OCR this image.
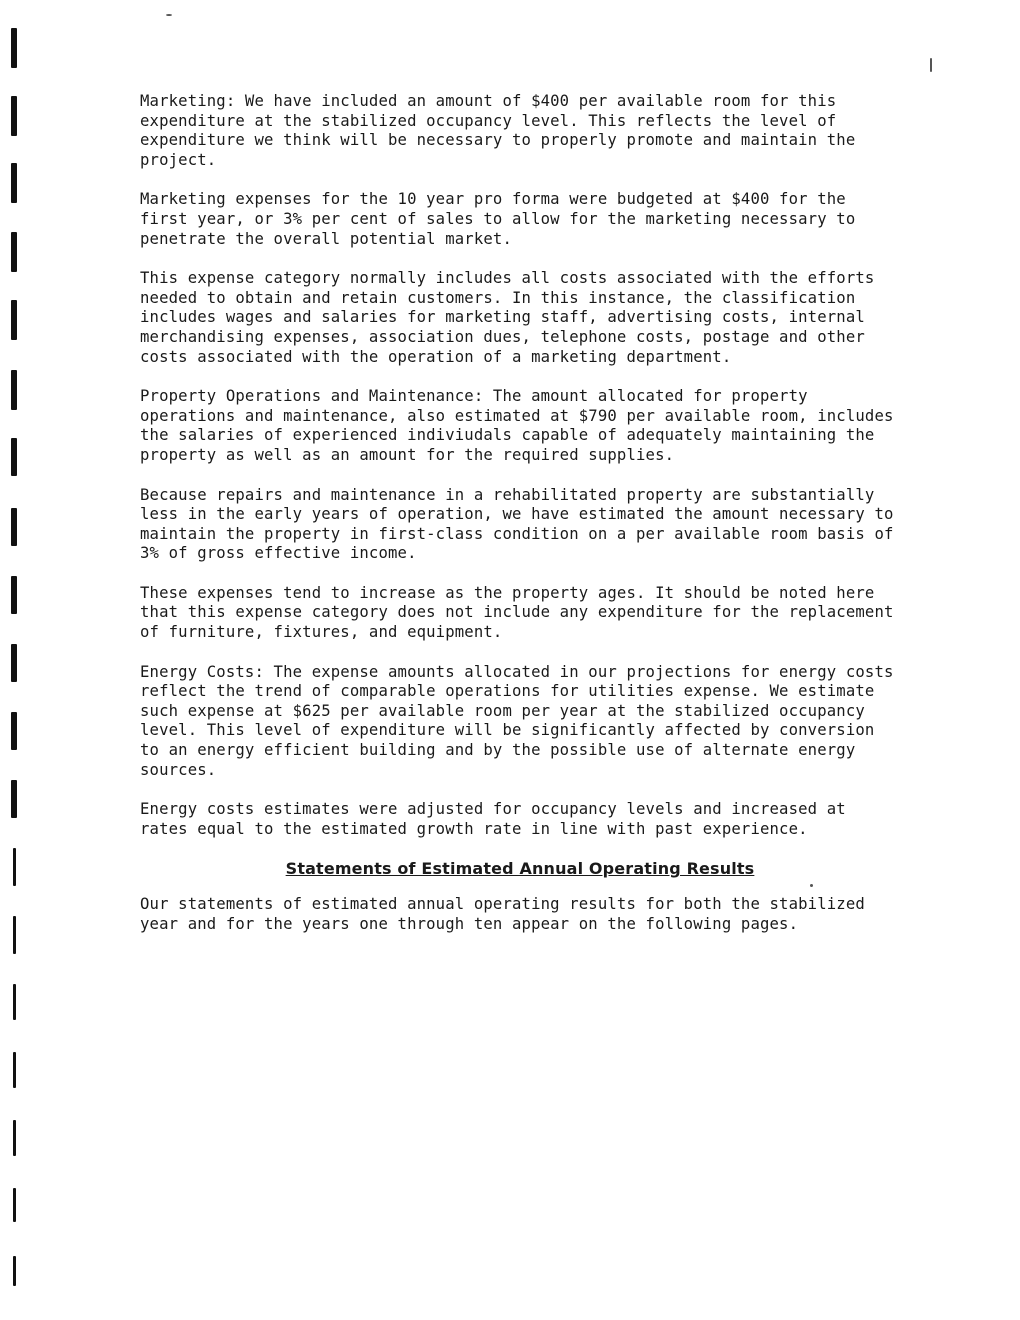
Marketing: We have included an amount of $400 per available room for this expenditure at the stabilized occupancy level. This reflects the level of expenditure we think will be necessary to properly promote and maintain the project.

Marketing expenses for the 10 year pro forma were budgeted at $400 for the first year, or 3% per cent of sales to allow for the marketing necessary to penetrate the overall potential market.

This expense category normally includes all costs associated with the efforts needed to obtain and retain customers. In this instance, the classification includes wages and salaries for marketing staff, advertising costs, internal merchandising expenses, association dues, telephone costs, postage and other costs associated with the operation of a marketing department.

Property Operations and Maintenance: The amount allocated for property operations and maintenance, also estimated at $790 per available room, includes the salaries of experienced indiviudals capable of adequately maintaining the property as well as an amount for the required supplies.

Because repairs and maintenance in a rehabilitated property are substantially less in the early years of operation, we have estimated the amount necessary to maintain the property in first-class condition on a per available room basis of 3% of gross effective income.

These expenses tend to increase as the property ages. It should be noted here that this expense category does not include any expenditure for the replacement of furniture, fixtures, and equipment.

Energy Costs: The expense amounts allocated in our projections for energy costs reflect the trend of comparable operations for utilities expense. We estimate such expense at $625 per available room per year at the stabilized occupancy level. This level of expenditure will be significantly affected by conversion to an energy efficient building and by the possible use of alternate energy sources.

Energy costs estimates were adjusted for occupancy levels and increased at rates equal to the estimated growth rate in line with past experience.

Statements of Estimated Annual Operating Results

Our statements of estimated annual operating results for both the stabilized year and for the years one through ten appear on the following pages.
